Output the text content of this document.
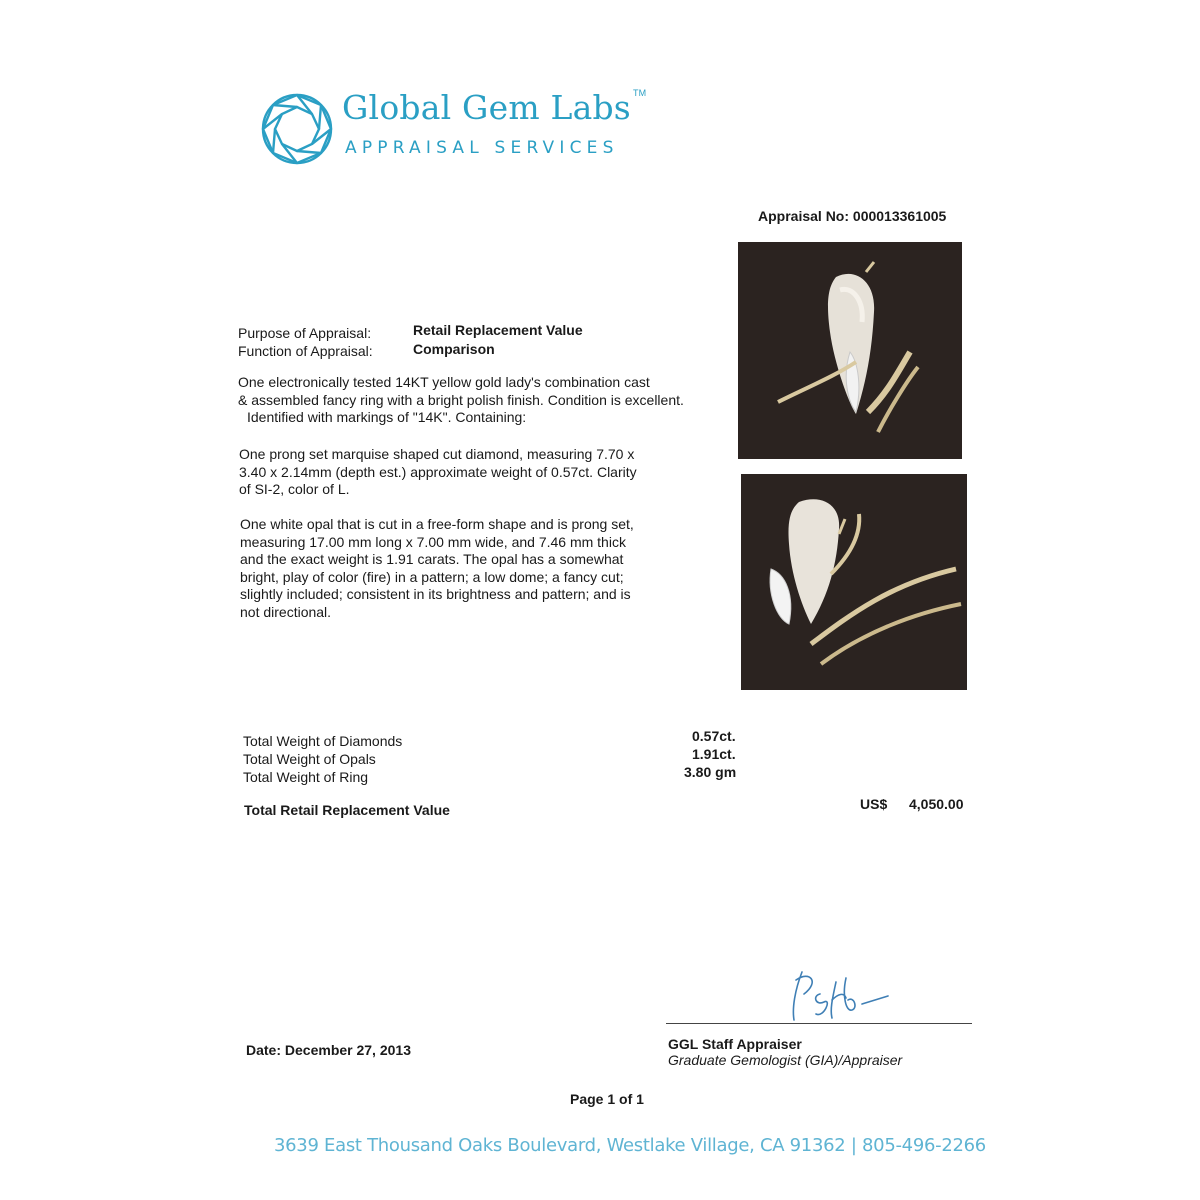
Global Gem Labs ™
APPRAISAL SERVICES
Appraisal No: 000013361005
Purpose of Appraisal:	Retail Replacement Value
Function of Appraisal:	Comparison
One electronically tested 14KT yellow gold lady's combination cast
& assembled fancy ring with a bright polish finish. Condition is excellent.
Identified with markings of "14K". Containing:
One prong set marquise shaped cut diamond, measuring 7.70 x
3.40 x 2.14mm (depth est.) approximate weight of 0.57ct. Clarity
of SI-2, color of L.
One white opal that is cut in a free-form shape and is prong set,
measuring 17.00 mm long x 7.00 mm wide, and 7.46 mm thick
and the exact weight is 1.91 carats. The opal has a somewhat
bright, play of color (fire) in a pattern; a low dome; a fancy cut;
slightly included; consistent in its brightness and pattern; and is
not directional.
Total Weight of Diamonds	0.57ct.
Total Weight of Opals	1.91ct.
Total Weight of Ring	3.80 gm
Total Retail Replacement Value	US$ 4,050.00
GGL Staff Appraiser
Graduate Gemologist (GIA)/Appraiser
Date: December 27, 2013
Page 1 of 1
3639 East Thousand Oaks Boulevard, Westlake Village, CA 91362 | 805-496-2266
